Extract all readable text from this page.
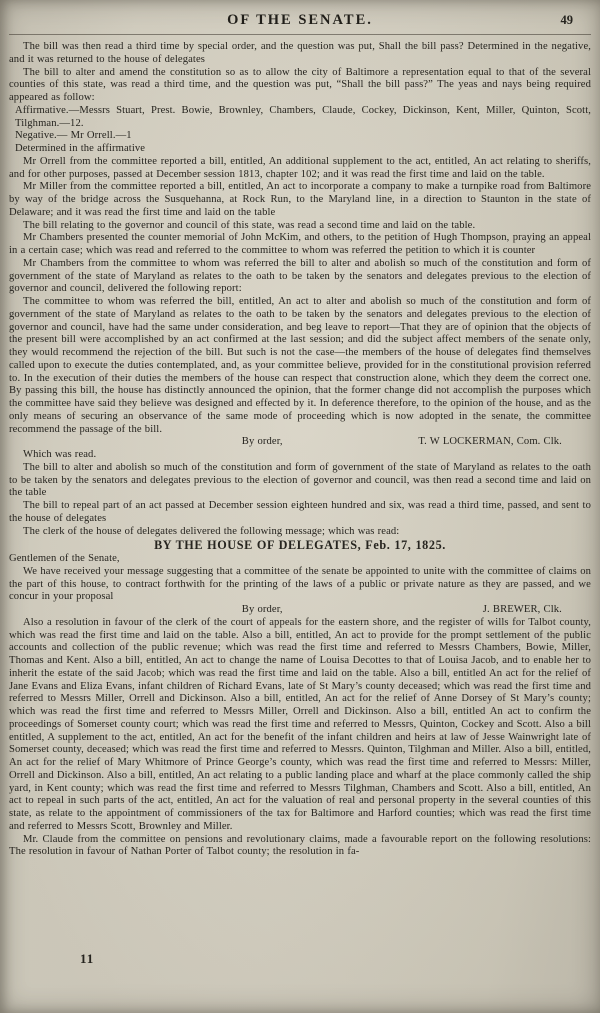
OF THE SENATE.	49

The bill was then read a third time by special order, and the question was put, Shall the bill pass? Determined in the negative, and it was returned to the house of delegates

The bill to alter and amend the constitution so as to allow the city of Baltimore a representation equal to that of the several counties of this state, was read a third time, and the question was put, “Shall the bill pass?” The yeas and nays being required appeared as follow:

Affirmative.—Messrs Stuart, Prest. Bowie, Brownley, Chambers, Claude, Cockey, Dickinson, Kent, Miller, Quinton, Scott, Tilghman.—12.

Negative.— Mr Orrell.—1

Determined in the affirmative

Mr Orrell from the committee reported a bill, entitled, An additional supplement to the act, entitled, An act relating to sheriffs, and for other purposes, passed at December session 1813, chapter 102; and it was read the first time and laid on the table.

Mr Miller from the committee reported a bill, entitled, An act to incorporate a company to make a turnpike road from Baltimore by way of the bridge across the Susquehanna, at Rock Run, to the Maryland line, in a direction to Staunton in the state of Delaware; and it was read the first time and laid on the table

The bill relating to the governor and council of this state, was read a second time and laid on the table.

Mr Chambers presented the counter memorial of John McKim, and others, to the petition of Hugh Thompson, praying an appeal in a certain case; which was read and referred to the committee to whom was referred the petition to which it is counter

Mr Chambers from the committee to whom was referred the bill to alter and abolish so much of the constitution and form of government of the state of Maryland as relates to the oath to be taken by the senators and delegates previous to the election of governor and council, delivered the following report:

The committee to whom was referred the bill, entitled, An act to alter and abolish so much of the constitution and form of government of the state of Maryland as relates to the oath to be taken by the senators and delegates previous to the election of governor and council, have had the same under consideration, and beg leave to report—That they are of opinion that the objects of the present bill were accomplished by an act confirmed at the last session; and did the subject affect members of the senate only, they would recommend the rejection of the bill. But such is not the case—the members of the house of delegates find themselves called upon to execute the duties contemplated, and, as your committee believe, provided for in the constitutional provision referred to. In the execution of their duties the members of the house can respect that construction alone, which they deem the correct one. By passing this bill, the house has distinctly announced the opinion, that the former change did not accomplish the purposes which the committee have said they believe was designed and effected by it. In deference therefore, to the opinion of the house, and as the only means of securing an observance of the same mode of proceeding which is now adopted in the senate, the committee recommend the passage of the bill.

By order,	T. W LOCKERMAN, Com. Clk.

Which was read.

The bill to alter and abolish so much of the constitution and form of government of the state of Maryland as relates to the oath to be taken by the senators and delegates previous to the election of governor and council, was then read a second time and laid on the table

The bill to repeal part of an act passed at December session eighteen hundred and six, was read a third time, passed, and sent to the house of delegates

The clerk of the house of delegates delivered the following message; which was read:

BY THE HOUSE OF DELEGATES, Feb. 17, 1825.

Gentlemen of the Senate,

We have received your message suggesting that a committee of the senate be appointed to unite with the committee of claims on the part of this house, to contract forthwith for the printing of the laws of a public or private nature as they are passed, and we concur in your proposal

By order,	J. BREWER, Clk.

Also a resolution in favour of the clerk of the court of appeals for the eastern shore, and the register of wills for Talbot county, which was read the first time and laid on the table. Also a bill, entitled, An act to provide for the prompt settlement of the public accounts and collection of the public revenue; which was read the first time and referred to Messrs Chambers, Bowie, Miller, Thomas and Kent. Also a bill, entitled, An act to change the name of Louisa Decottes to that of Louisa Jacob, and to enable her to inherit the estate of the said Jacob; which was read the first time and laid on the table. Also a bill, entitled An act for the relief of Jane Evans and Eliza Evans, infant children of Richard Evans, late of St Mary’s county deceased; which was read the first time and referred to Messrs Miller, Orrell and Dickinson. Also a bill, entitled, An act for the relief of Anne Dorsey of St Mary’s county; which was read the first time and referred to Messrs Miller, Orrell and Dickinson. Also a bill, entitled An act to confirm the proceedings of Somerset county court; which was read the first time and referred to Messrs, Quinton, Cockey and Scott. Also a bill entitled, A supplement to the act, entitled, An act for the benefit of the infant children and heirs at law of Jesse Wainwright late of Somerset county, deceased; which was read the first time and referred to Messrs. Quinton, Tilghman and Miller. Also a bill, entitled, An act for the relief of Mary Whitmore of Prince George’s county, which was read the first time and referred to Messrs: Miller, Orrell and Dickinson. Also a bill, entitled, An act relating to a public landing place and wharf at the place commonly called the ship yard, in Kent county; which was read the first time and referred to Messrs Tilghman, Chambers and Scott. Also a bill, entitled, An act to repeal in such parts of the act, entitled, An act for the valuation of real and personal property in the several counties of this state, as relate to the appointment of commissioners of the tax for Baltimore and Harford counties; which was read the first time and referred to Messrs Scott, Brownley and Miller.

Mr. Claude from the committee on pensions and revolutionary claims, made a favourable report on the following resolutions: The resolution in favour of Nathan Porter of Talbot county; the resolution in fa-

11
